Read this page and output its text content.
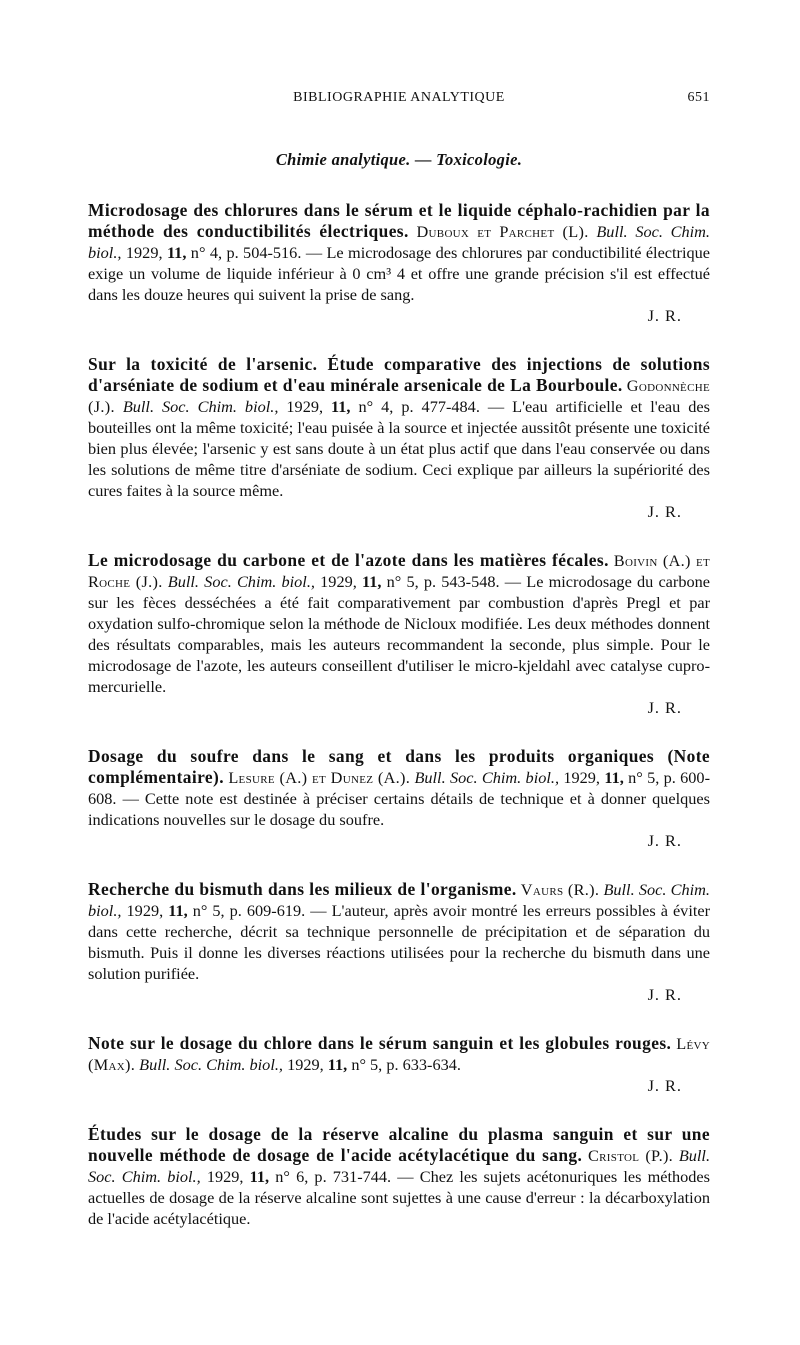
BIBLIOGRAPHIE ANALYTIQUE	651
Chimie analytique. — Toxicologie.
Microdosage des chlorures dans le sérum et le liquide céphalo-rachidien par la méthode des conductibilités électriques. Duboux et Parchet (L). Bull. Soc. Chim. biol., 1929, 11, n° 4, p. 504-516. — Le microdosage des chlorures par conductibilité électrique exige un volume de liquide inférieur à 0 cm³ 4 et offre une grande précision s'il est effectué dans les douze heures qui suivent la prise de sang.
J. R.
Sur la toxicité de l'arsenic. Étude comparative des injections de solutions d'arséniate de sodium et d'eau minérale arsenicale de La Bourboule. Godonnèche (J.). Bull. Soc. Chim. biol., 1929, 11, n° 4, p. 477-484. — L'eau artificielle et l'eau des bouteilles ont la même toxicité; l'eau puisée à la source et injectée aussitôt présente une toxicité bien plus élevée; l'arsenic y est sans doute à un état plus actif que dans l'eau conservée ou dans les solutions de même titre d'arséniate de sodium. Ceci explique par ailleurs la supériorité des cures faites à la source même.
J. R.
Le microdosage du carbone et de l'azote dans les matières fécales. Boivin (A.) et Roche (J.). Bull. Soc. Chim. biol., 1929, 11, n° 5, p. 543-548. — Le microdosage du carbone sur les fèces desséchées a été fait comparativement par combustion d'après Pregl et par oxydation sulfo-chromique selon la méthode de Nicloux modifiée. Les deux méthodes donnent des résultats comparables, mais les auteurs recommandent la seconde, plus simple. Pour le microdosage de l'azote, les auteurs conseillent d'utiliser le micro-kjeldahl avec catalyse cupro-mercurielle.
J. R.
Dosage du soufre dans le sang et dans les produits organiques (Note complémentaire). Lesure (A.) et Dunez (A.). Bull. Soc. Chim. biol., 1929, 11, n° 5, p. 600-608. — Cette note est destinée à préciser certains détails de technique et à donner quelques indications nouvelles sur le dosage du soufre.
J. R.
Recherche du bismuth dans les milieux de l'organisme. Vaurs (R.). Bull. Soc. Chim. biol., 1929, 11, n° 5, p. 609-619. — L'auteur, après avoir montré les erreurs possibles à éviter dans cette recherche, décrit sa technique personnelle de précipitation et de séparation du bismuth. Puis il donne les diverses réactions utilisées pour la recherche du bismuth dans une solution purifiée.
J. R.
Note sur le dosage du chlore dans le sérum sanguin et les globules rouges. Lévy (Max). Bull. Soc. Chim. biol., 1929, 11, n° 5, p. 633-634.
J. R.
Études sur le dosage de la réserve alcaline du plasma sanguin et sur une nouvelle méthode de dosage de l'acide acétylacétique du sang. Cristol (P.). Bull. Soc. Chim. biol., 1929, 11, n° 6, p. 731-744. — Chez les sujets acétonuriques les méthodes actuelles de dosage de la réserve alcaline sont sujettes à une cause d'erreur : la décarboxylation de l'acide acétylacétique.
